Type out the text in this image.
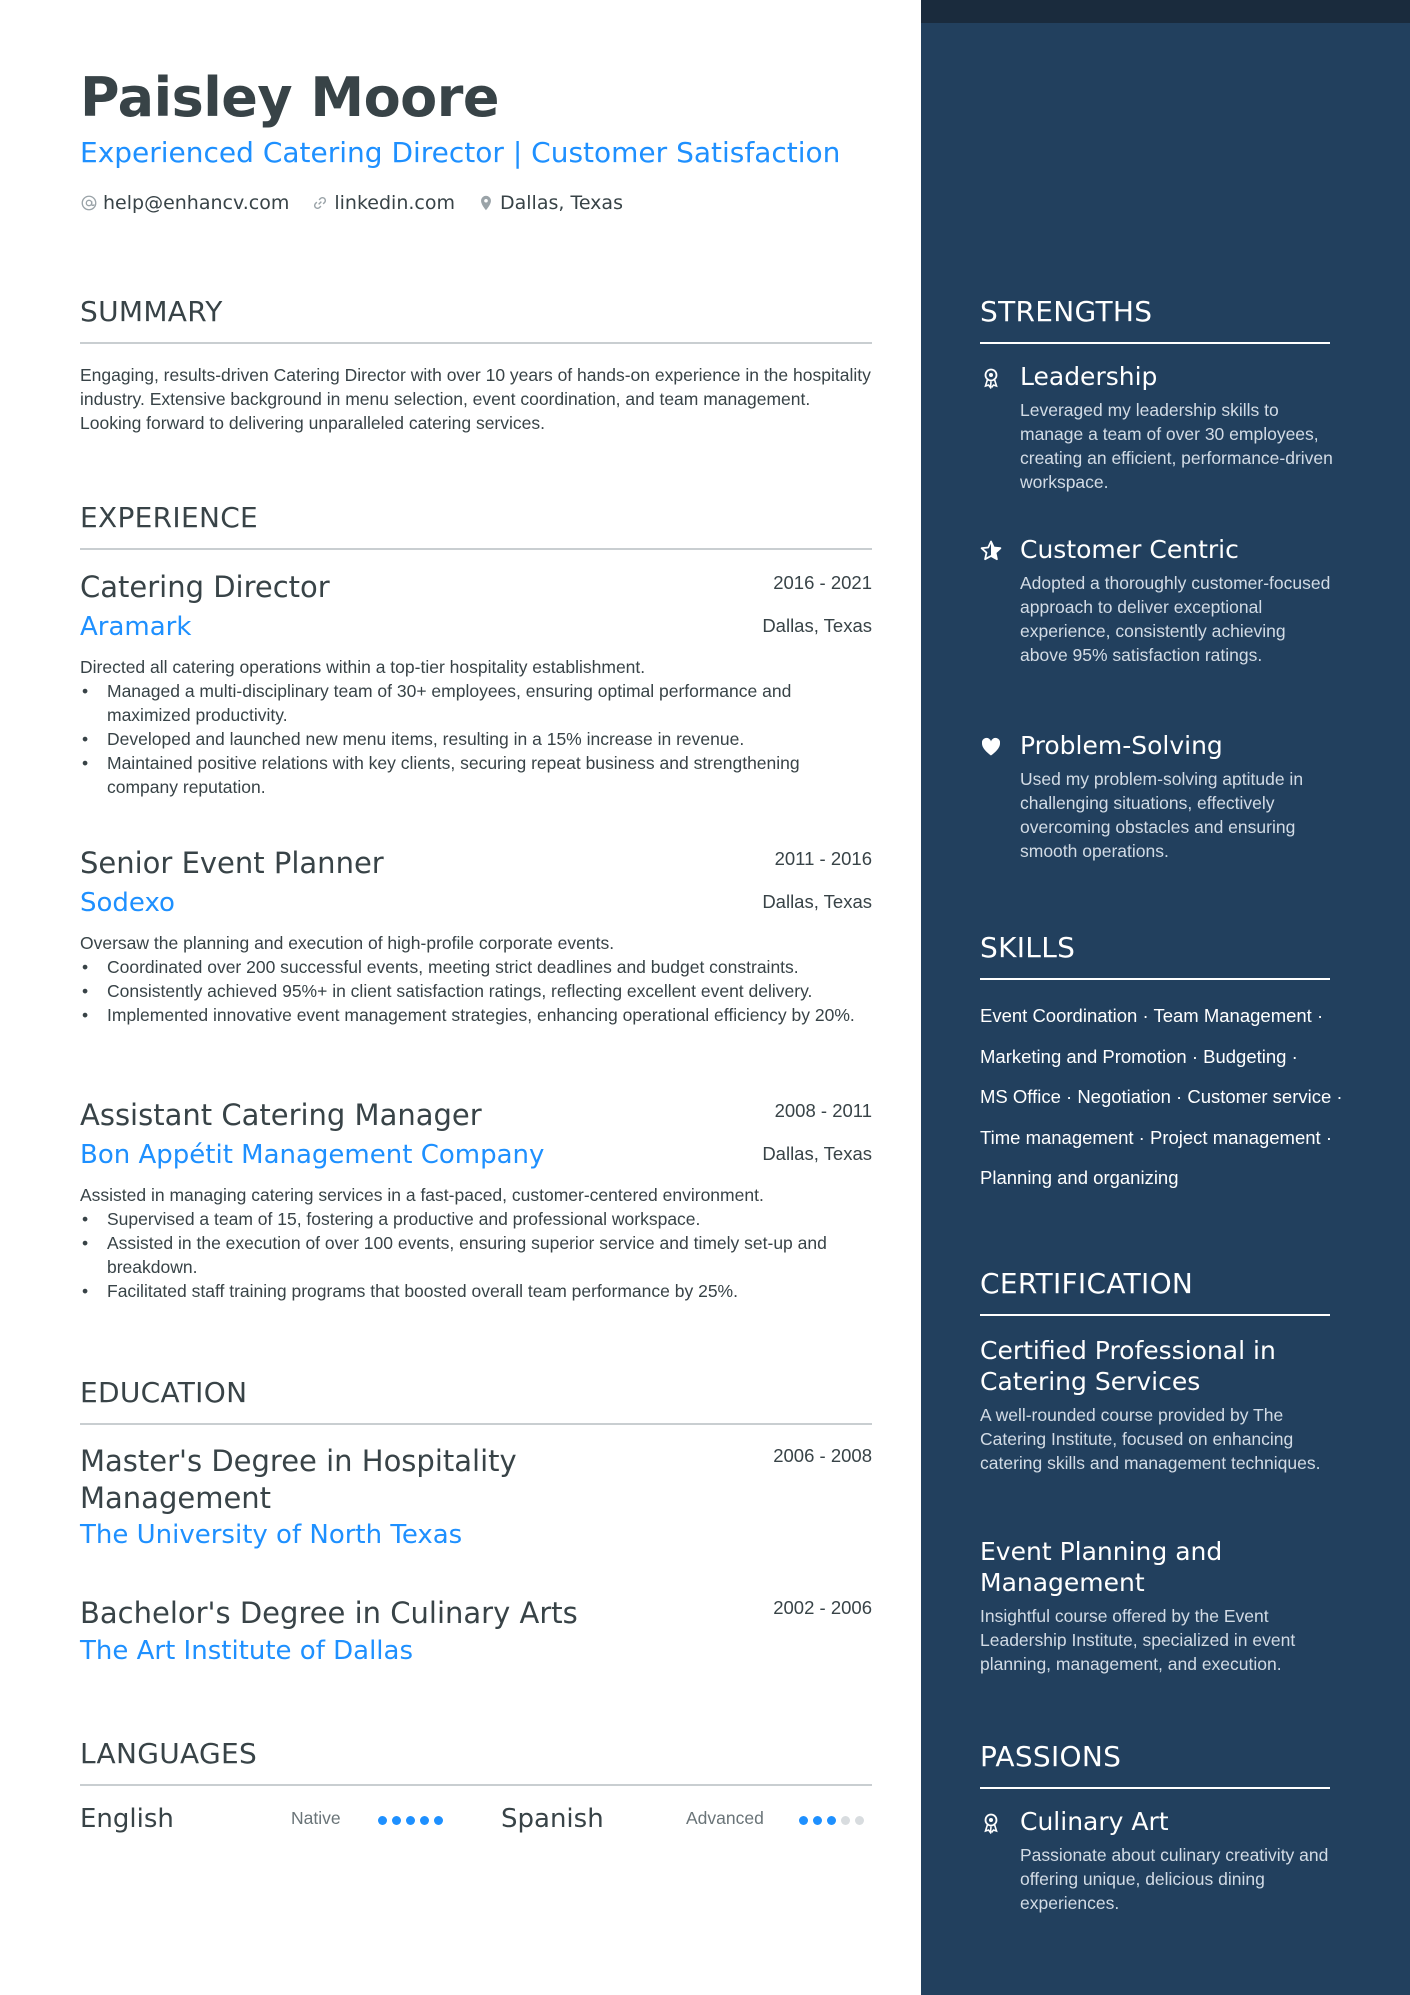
Paisley Moore
Experienced Catering Director | Customer Satisfaction
help@enhancv.com linkedin.com Dallas, Texas
SUMMARY
Engaging, results-driven Catering Director with over 10 years of hands-on experience in the hospitality industry. Extensive background in menu selection, event coordination, and team management. Looking forward to delivering unparalleled catering services.
EXPERIENCE
Catering Director	2016 - 2021
Aramark	Dallas, Texas
Directed all catering operations within a top-tier hospitality establishment.
• Managed a multi-disciplinary team of 30+ employees, ensuring optimal performance and maximized productivity.
• Developed and launched new menu items, resulting in a 15% increase in revenue.
• Maintained positive relations with key clients, securing repeat business and strengthening company reputation.
Senior Event Planner	2011 - 2016
Sodexo	Dallas, Texas
Oversaw the planning and execution of high-profile corporate events.
• Coordinated over 200 successful events, meeting strict deadlines and budget constraints.
• Consistently achieved 95%+ in client satisfaction ratings, reflecting excellent event delivery.
• Implemented innovative event management strategies, enhancing operational efficiency by 20%.
Assistant Catering Manager	2008 - 2011
Bon Appétit Management Company	Dallas, Texas
Assisted in managing catering services in a fast-paced, customer-centered environment.
• Supervised a team of 15, fostering a productive and professional workspace.
• Assisted in the execution of over 100 events, ensuring superior service and timely set-up and breakdown.
• Facilitated staff training programs that boosted overall team performance by 25%.
EDUCATION
Master's Degree in Hospitality Management
2006 - 2008
The University of North Texas
Bachelor's Degree in Culinary Arts	2002 - 2006
The Art Institute of Dallas
LANGUAGES
English	Native	Spanish	Advanced
STRENGTHS
Leadership
Leveraged my leadership skills to manage a team of over 30 employees, creating an efficient, performance-driven workspace.
Customer Centric
Adopted a thoroughly customer-focused approach to deliver exceptional experience, consistently achieving above 95% satisfaction ratings.
Problem-Solving
Used my problem-solving aptitude in challenging situations, effectively overcoming obstacles and ensuring smooth operations.
SKILLS
Event Coordination · Team Management ·
Marketing and Promotion · Budgeting ·
MS Office · Negotiation · Customer service ·
Time management · Project management ·
Planning and organizing
CERTIFICATION
Certified Professional in Catering Services
A well-rounded course provided by The Catering Institute, focused on enhancing catering skills and management techniques.
Event Planning and Management
Insightful course offered by the Event Leadership Institute, specialized in event planning, management, and execution.
PASSIONS
Culinary Art
Passionate about culinary creativity and offering unique, delicious dining experiences.
